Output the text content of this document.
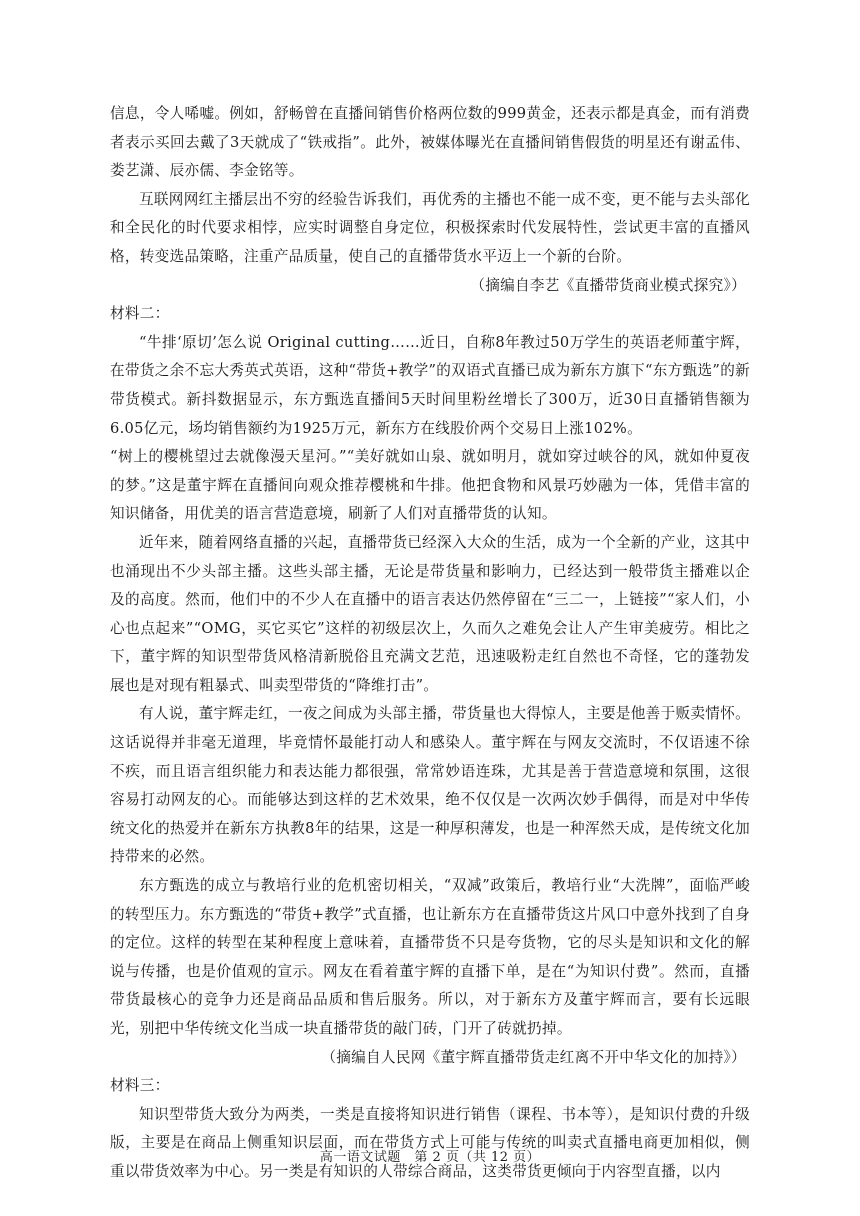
信息，令人唏嘘。例如，舒畅曾在直播间销售价格两位数的999黄金，还表示都是真金，而有消费者表示买回去戴了3天就成了“铁戒指”。此外，被媒体曝光在直播间销售假货的明星还有谢孟伟、娄艺潇、辰亦儒、李金铭等。

互联网网红主播层出不穷的经验告诉我们，再优秀的主播也不能一成不变，更不能与去头部化和全民化的时代要求相悖，应实时调整自身定位，积极探索时代发展特性，尝试更丰富的直播风格，转变选品策略，注重产品质量，使自己的直播带货水平迈上一个新的台阶。

（摘编自李艺《直播带货商业模式探究》）

材料二：

“牛排‘原切’怎么说 Original cutting……近日，自称8年教过50万学生的英语老师董宇辉，在带货之余不忘大秀英式英语，这种“带货+教学”的双语式直播已成为新东方旗下“东方甄选”的新带货模式。新抖数据显示，东方甄选直播间5天时间里粉丝增长了300万，近30日直播销售额为6.05亿元，场均销售额约为1925万元，新东方在线股价两个交易日上涨102%。

“树上的樱桃望过去就像漫天星河。”“美好就如山泉、就如明月，就如穿过峡谷的风，就如仲夏夜的梦。”这是董宇辉在直播间向观众推荐樱桃和牛排。他把食物和风景巧妙融为一体，凭借丰富的知识储备，用优美的语言营造意境，刷新了人们对直播带货的认知。

近年来，随着网络直播的兴起，直播带货已经深入大众的生活，成为一个全新的产业，这其中也涌现出不少头部主播。这些头部主播，无论是带货量和影响力，已经达到一般带货主播难以企及的高度。然而，他们中的不少人在直播中的语言表达仍然停留在“三二一，上链接”“家人们，小心也点起来”“OMG，买它买它”这样的初级层次上，久而久之难免会让人产生审美疲劳。相比之下，董宇辉的知识型带货风格清新脱俗且充满文艺范，迅速吸粉走红自然也不奇怪，它的蓬勃发展也是对现有粗暴式、叫卖型带货的“降维打击”。

有人说，董宇辉走红，一夜之间成为头部主播，带货量也大得惊人，主要是他善于贩卖情怀。这话说得并非毫无道理，毕竟情怀最能打动人和感染人。董宇辉在与网友交流时，不仅语速不徐不疾，而且语言组织能力和表达能力都很强，常常妙语连珠，尤其是善于营造意境和氛围，这很容易打动网友的心。而能够达到这样的艺术效果，绝不仅仅是一次两次妙手偶得，而是对中华传统文化的热爱并在新东方执教8年的结果，这是一种厚积薄发，也是一种浑然天成，是传统文化加持带来的必然。

东方甄选的成立与教培行业的危机密切相关，“双减”政策后，教培行业“大洗牌”，面临严峻的转型压力。东方甄选的“带货+教学”式直播，也让新东方在直播带货这片风口中意外找到了自身的定位。这样的转型在某种程度上意味着，直播带货不只是夸货物，它的尽头是知识和文化的解说与传播，也是价值观的宣示。网友在看着董宇辉的直播下单，是在“为知识付费”。然而，直播带货最核心的竞争力还是商品品质和售后服务。所以，对于新东方及董宇辉而言，要有长远眼光，别把中华传统文化当成一块直播带货的敲门砖，门开了砖就扔掉。

（摘编自人民网《董宇辉直播带货走红离不开中华文化的加持》）

材料三：

知识型带货大致分为两类，一类是直接将知识进行销售（课程、书本等），是知识付费的升级版，主要是在商品上侧重知识层面，而在带货方式上可能与传统的叫卖式直播电商更加相似，侧重以带货效率为中心。另一类是有知识的人带综合商品，这类带货更倾向于内容型直播，以内

高一语文试题　第 2 页（共 12 页）
